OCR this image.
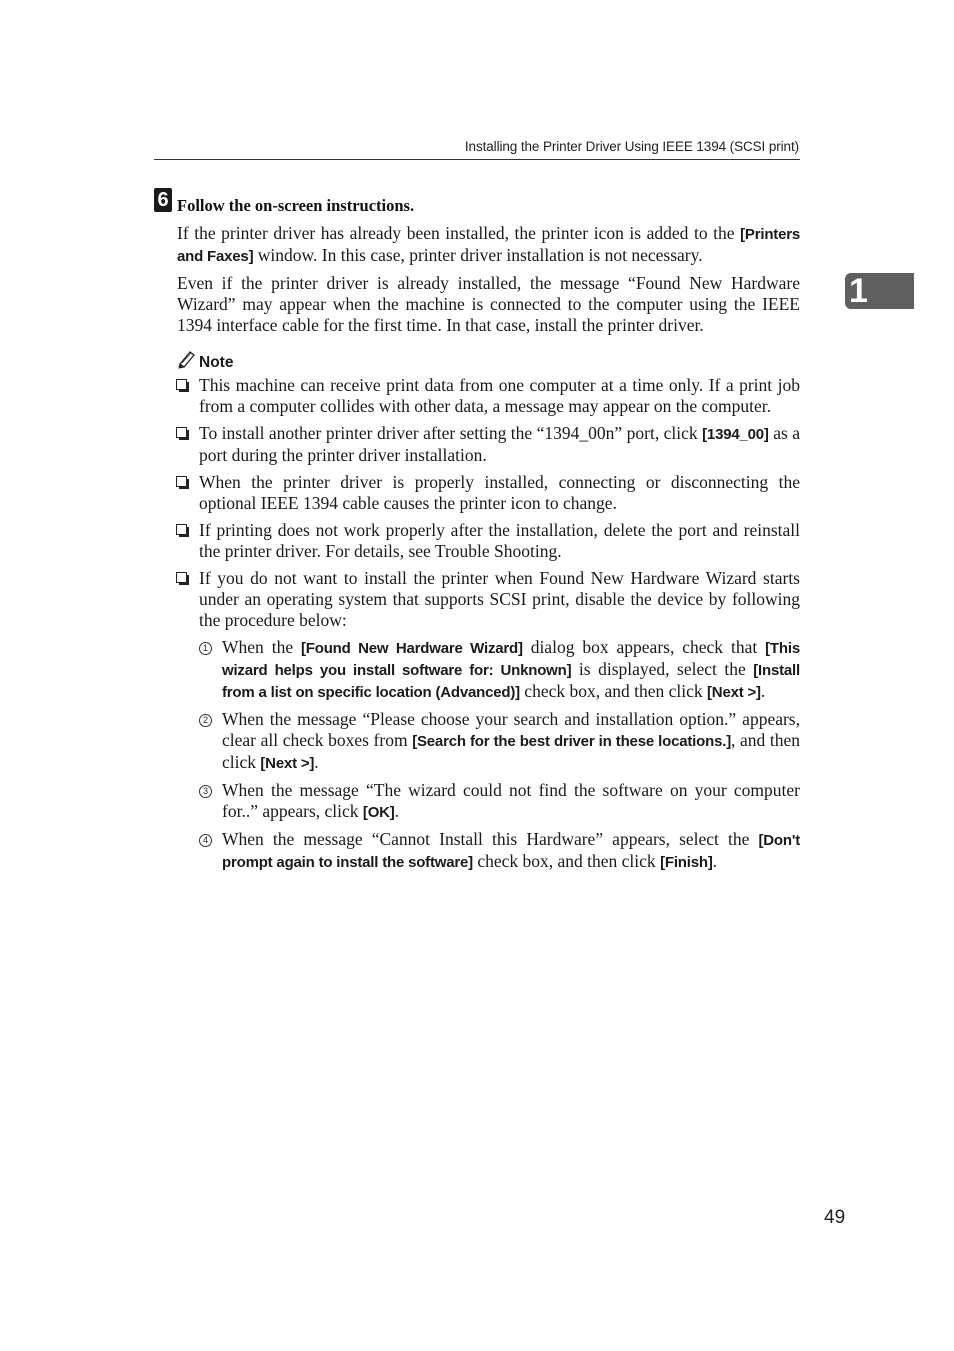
Installing the Printer Driver Using IEEE 1394 (SCSI print)
1
6 Follow the on-screen instructions.

If the printer driver has already been installed, the printer icon is added to the [Printers and Faxes] window. In this case, printer driver installation is not necessary.

Even if the printer driver is already installed, the message “Found New Hardware Wizard” may appear when the machine is connected to the computer using the IEEE 1394 interface cable for the first time. In that case, install the printer driver.

Note
This machine can receive print data from one computer at a time only. If a print job from a computer collides with other data, a message may appear on the computer.
To install another printer driver after setting the “1394_00n” port, click [1394_00] as a port during the printer driver installation.
When the printer driver is properly installed, connecting or disconnecting the optional IEEE 1394 cable causes the printer icon to change.
If printing does not work properly after the installation, delete the port and reinstall the printer driver. For details, see Trouble Shooting.
If you do not want to install the printer when Found New Hardware Wizard starts under an operating system that supports SCSI print, disable the device by following the procedure below:
1 When the [Found New Hardware Wizard] dialog box appears, check that [This wizard helps you install software for: Unknown] is displayed, select the [Install from a list on specific location (Advanced)] check box, and then click [Next >].
2 When the message “Please choose your search and installation option.” appears, clear all check boxes from [Search for the best driver in these locations.], and then click [Next >].
3 When the message “The wizard could not find the software on your computer for..” appears, click [OK].
4 When the message “Cannot Install this Hardware” appears, select the [Don't prompt again to install the software] check box, and then click [Finish].
49
